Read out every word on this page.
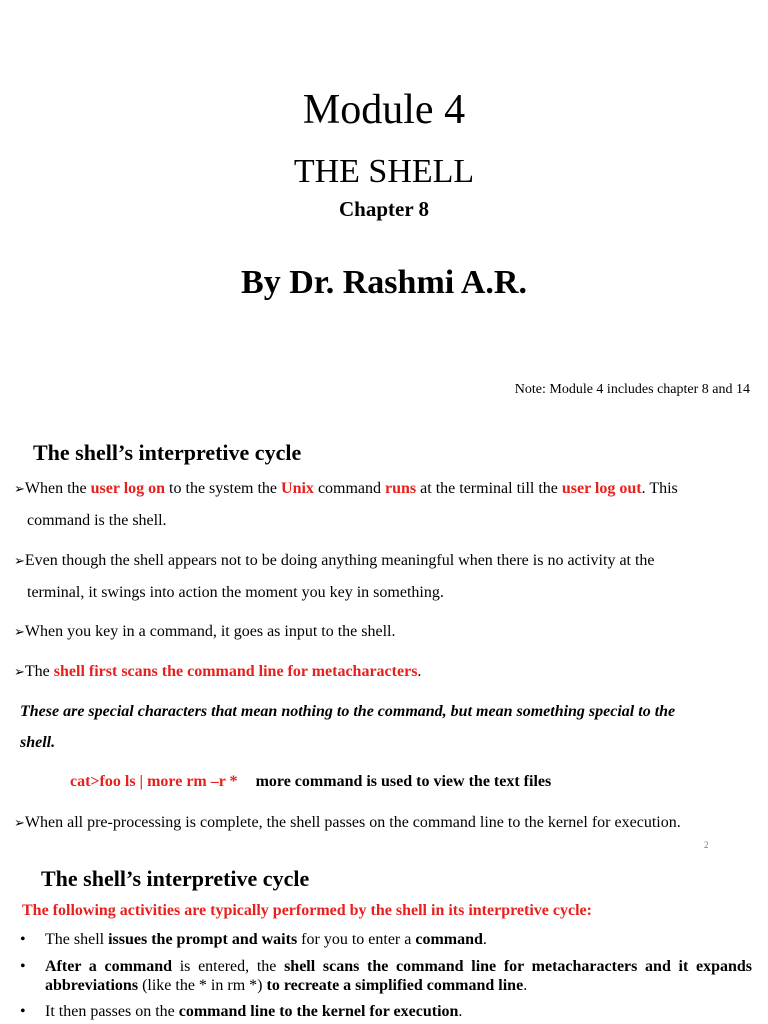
Module 4
THE SHELL
Chapter 8
By Dr. Rashmi A.R.
Note: Module 4 includes chapter 8 and 14
The shell’s interpretive cycle
➢When the user log on to the system the Unix command runs at the terminal till the user log out. This
command is the shell.
➢Even though the shell appears not to be doing anything meaningful when there is no activity at the
terminal, it swings into action the moment you key in something.
➢When you key in a command, it goes as input to the shell.
➢The shell first scans the command line for metacharacters.
These are special characters that mean nothing to the command, but mean something special to the
shell.
cat>foo ls | more rm –r * more command is used to view the text files
➢When all pre-processing is complete, the shell passes on the command line to the kernel for execution.
2
The shell’s interpretive cycle
The following activities are typically performed by the shell in its interpretive cycle:
• The shell issues the prompt and waits for you to enter a command.
• After a command is entered, the shell scans the command line for metacharacters and it expands abbreviations (like the * in rm *) to recreate a simplified command line.
• It then passes on the command line to the kernel for execution.
